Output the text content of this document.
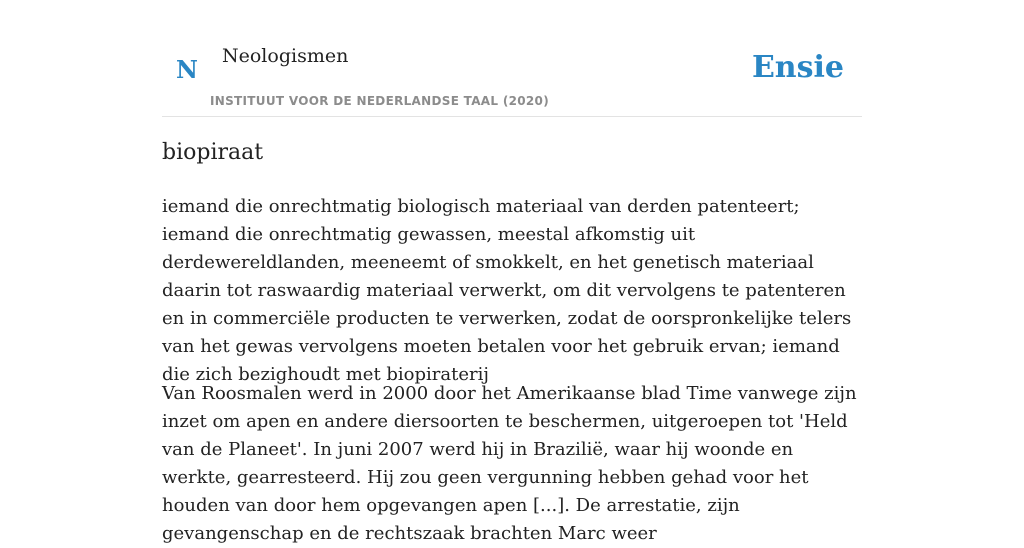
N Neologismen
INSTITUUT VOOR DE NEDERLANDSE TAAL (2020)
Ensie
biopiraat

iemand die onrechtmatig biologisch materiaal van derden patenteert; iemand die onrechtmatig gewassen, meestal afkomstig uit derdewereldlanden, meeneemt of smokkelt, en het genetisch materiaal daarin tot raswaardig materiaal verwerkt, om dit vervolgens te patenteren en in commerciële producten te verwerken, zodat de oorspronkelijke telers van het gewas vervolgens moeten betalen voor het gebruik ervan; iemand die zich bezighoudt met biopiraterij

Van Roosmalen werd in 2000 door het Amerikaanse blad Time vanwege zijn inzet om apen en andere diersoorten te beschermen, uitgeroepen tot 'Held van de Planeet'. In juni 2007 werd hij in Brazilië, waar hij woonde en werkte, gearresteerd. Hij zou geen vergunning hebben gehad voor het houden van door hem opgevangen apen [...]. De arrestatie, zijn gevangenschap en de rechtszaak brachten Marc weer
